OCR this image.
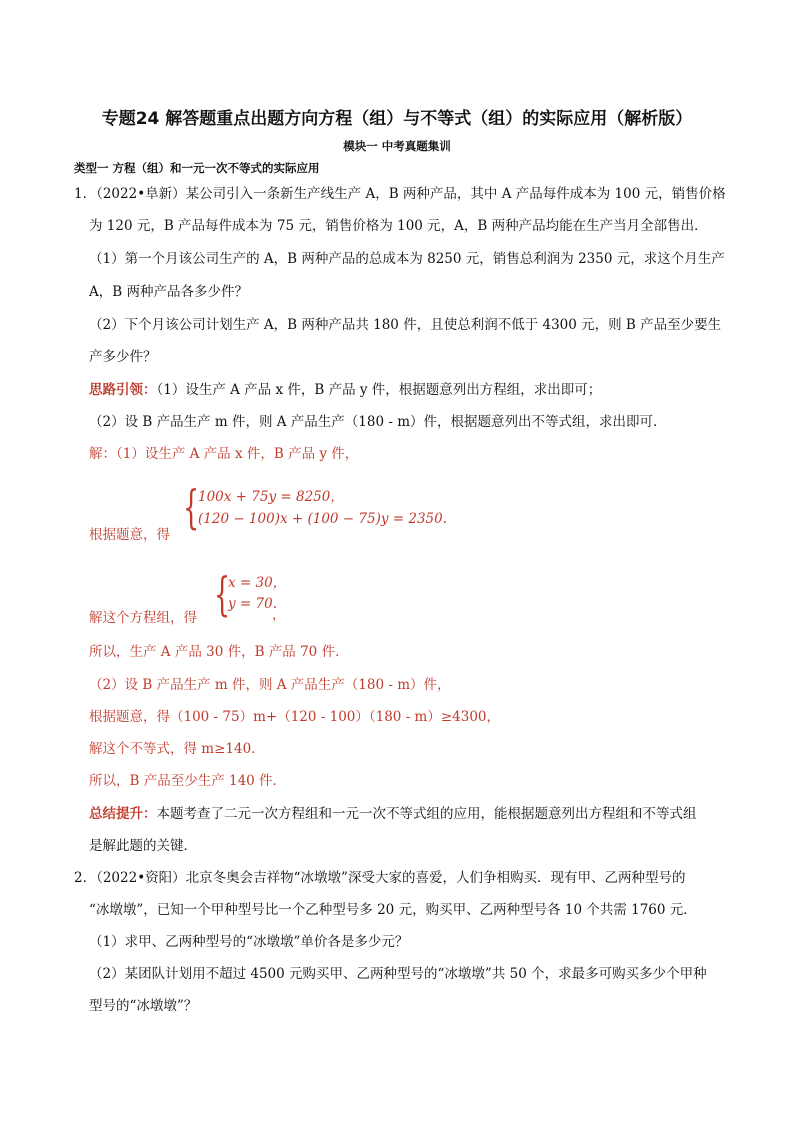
专题24 解答题重点出题方向方程（组）与不等式（组）的实际应用（解析版）
模块一 中考真题集训
类型一 方程（组）和一元一次不等式的实际应用
1．（2022•阜新）某公司引入一条新生产线生产 A，B 两种产品，其中 A 产品每件成本为 100 元，销售价格
为 120 元，B 产品每件成本为 75 元，销售价格为 100 元，A，B 两种产品均能在生产当月全部售出．
（1）第一个月该公司生产的 A，B 两种产品的总成本为 8250 元，销售总利润为 2350 元，求这个月生产
A，B 两种产品各多少件？
（2）下个月该公司计划生产 A，B 两种产品共 180 件，且使总利润不低于 4300 元，则 B 产品至少要生
产多少件？
思路引领：（1）设生产 A 产品 x 件，B 产品 y 件，根据题意列出方程组，求出即可；
（2）设 B 产品生产 m 件，则 A 产品生产（180 - m）件，根据题意列出不等式组，求出即可．
解：（1）设生产 A 产品 x 件，B 产品 y 件，
{
100x + 75y = 8250，
(120 − 100)x + (100 − 75)y = 2350.
根据题意，得
{
x = 30，
y = 70.
解这个方程组，得	，
所以，生产 A 产品 30 件，B 产品 70 件．
（2）设 B 产品生产 m 件，则 A 产品生产（180 - m）件，
根据题意，得（100 - 75）m+（120 - 100）（180 - m）≥4300，
解这个不等式，得 m≥140．
所以，B 产品至少生产 140 件．
总结提升：本题考查了二元一次方程组和一元一次不等式组的应用，能根据题意列出方程组和不等式组
是解此题的关键．
2．（2022•资阳）北京冬奥会吉祥物“冰墩墩”深受大家的喜爱，人们争相购买．现有甲、乙两种型号的
“冰墩墩”，已知一个甲种型号比一个乙种型号多 20 元，购买甲、乙两种型号各 10 个共需 1760 元．
（1）求甲、乙两种型号的“冰墩墩”单价各是多少元？
（2）某团队计划用不超过 4500 元购买甲、乙两种型号的“冰墩墩”共 50 个，求最多可购买多少个甲种
型号的“冰墩墩”？
